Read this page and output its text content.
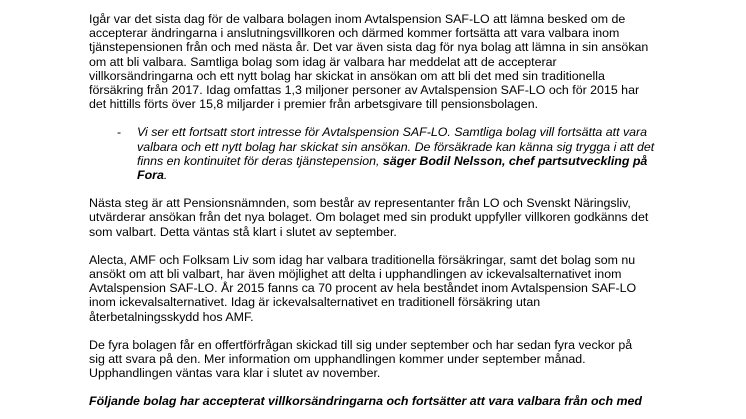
Igår var det sista dag för de valbara bolagen inom Avtalspension SAF-LO att lämna besked om de
accepterar ändringarna i anslutningsvillkoren och därmed kommer fortsätta att vara valbara inom
tjänstepensionen från och med nästa år. Det var även sista dag för nya bolag att lämna in sin ansökan
om att bli valbara. Samtliga bolag som idag är valbara har meddelat att de accepterar
villkorsändringarna och ett nytt bolag har skickat in ansökan om att bli det med sin traditionella
försäkring från 2017. Idag omfattas 1,3 miljoner personer av Avtalspension SAF-LO och för 2015 har
det hittills förts över 15,8 miljarder i premier från arbetsgivare till pensionsbolagen.

- Vi ser ett fortsatt stort intresse för Avtalspension SAF-LO. Samtliga bolag vill fortsätta att vara
valbara och ett nytt bolag har skickat sin ansökan. De försäkrade kan känna sig trygga i att det
finns en kontinuitet för deras tjänstepension, säger Bodil Nelsson, chef partsutveckling på
Fora.

Nästa steg är att Pensionsnämnden, som består av representanter från LO och Svenskt Näringsliv,
utvärderar ansökan från det nya bolaget. Om bolaget med sin produkt uppfyller villkoren godkänns det
som valbart. Detta väntas stå klart i slutet av september.

Alecta, AMF och Folksam Liv som idag har valbara traditionella försäkringar, samt det bolag som nu
ansökt om att bli valbart, har även möjlighet att delta i upphandlingen av ickevalsalternativet inom
Avtalspension SAF-LO. År 2015 fanns ca 70 procent av hela beståndet inom Avtalspension SAF-LO
inom ickevalsalternativet. Idag är ickevalsalternativet en traditionell försäkring utan
återbetalningsskydd hos AMF.

De fyra bolagen får en offertförfrågan skickad till sig under september och har sedan fyra veckor på
sig att svara på den. Mer information om upphandlingen kommer under september månad.
Upphandlingen väntas vara klar i slutet av november.

Följande bolag har accepterat villkorsändringarna och fortsätter att vara valbara från och med
